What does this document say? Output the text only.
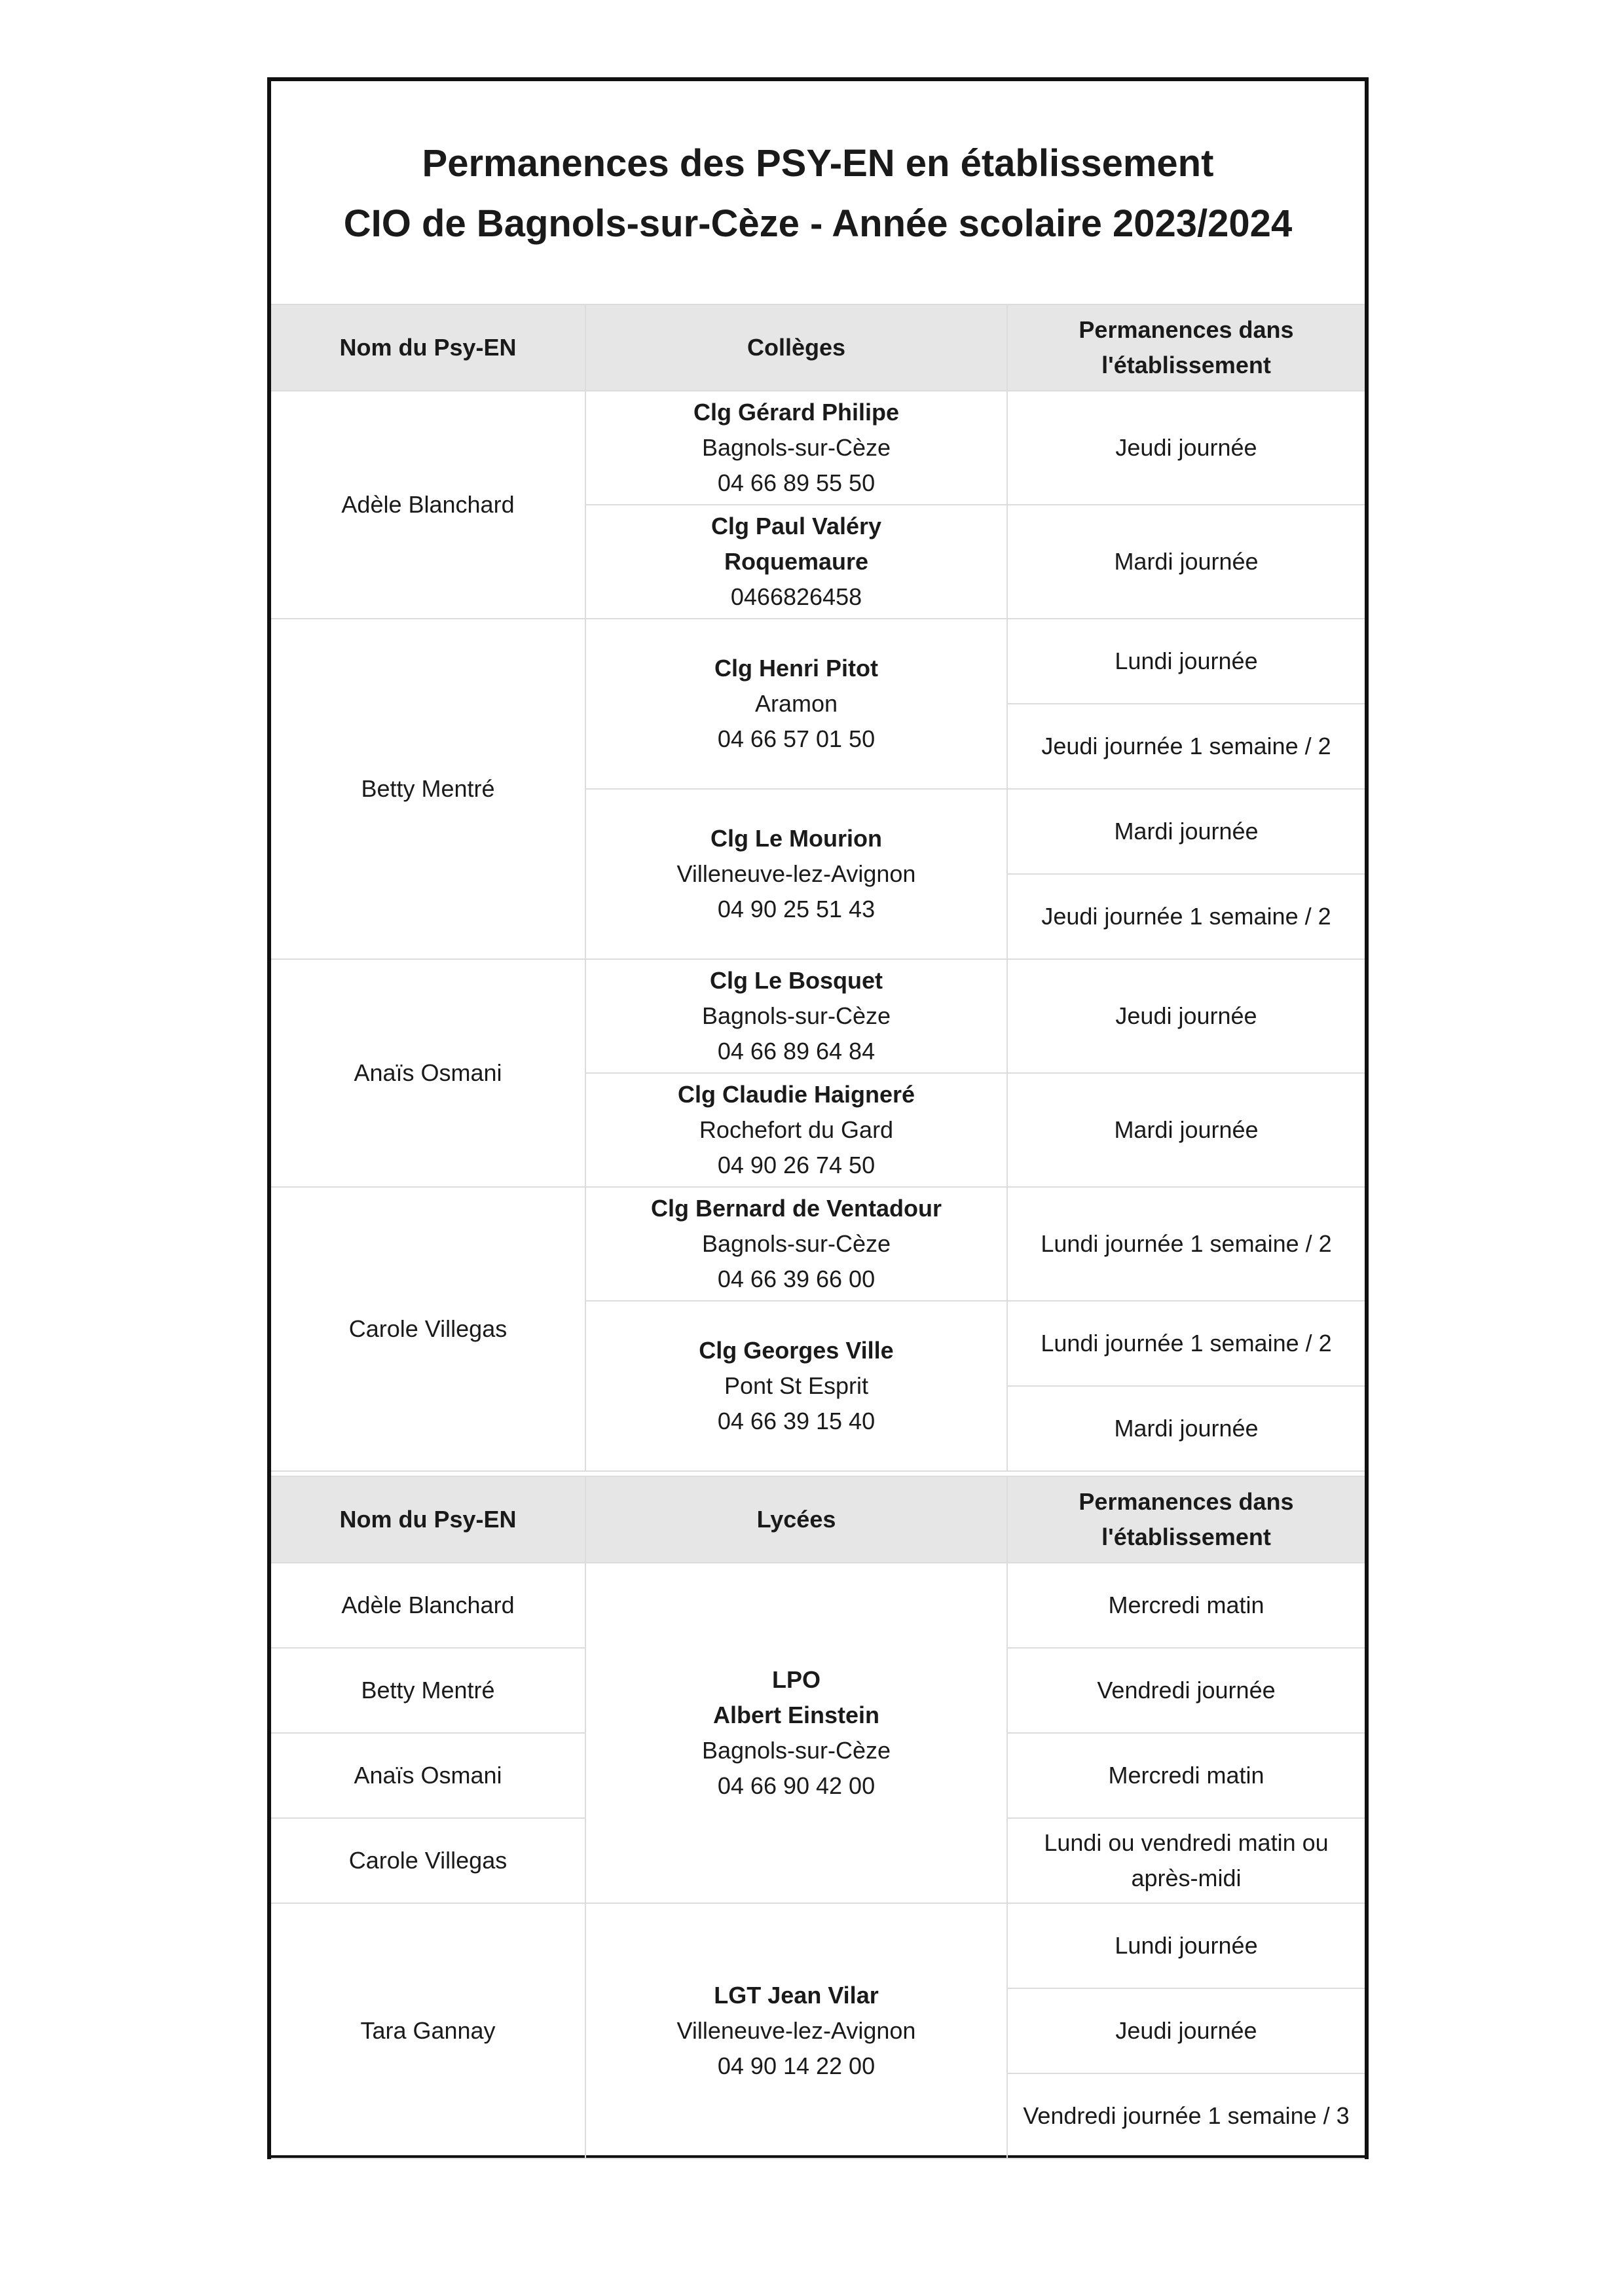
Permanences des PSY-EN en établissement
CIO de Bagnols-sur-Cèze - Année scolaire 2023/2024
Nom du Psy-EN	Collèges	Permanences dans l'établissement
Adèle Blanchard	Clg Gérard Philipe
Bagnols-sur-Cèze
04 66 89 55 50	Jeudi journée

	Clg Paul Valéry
Roquemaure
0466826458	Mardi journée
Betty Mentré	Clg Henri Pitot
Aramon
04 66 57 01 50	Lundi journée
		Jeudi journée 1 semaine / 2

	Clg Le Mourion
Villeneuve-lez-Avignon
04 90 25 51 43	Mardi journée
		Jeudi journée 1 semaine / 2
Anaïs Osmani	Clg Le Bosquet
Bagnols-sur-Cèze
04 66 89 64 84	Jeudi journée

	Clg Claudie Haigneré
Rochefort du Gard
04 90 26 74 50	Mardi journée
Carole Villegas	Clg Bernard de Ventadour
Bagnols-sur-Cèze
04 66 39 66 00	Lundi journée 1 semaine / 2

	Clg Georges Ville
Pont St Esprit
04 66 39 15 40	Lundi journée 1 semaine / 2
		Mardi journée
Nom du Psy-EN	Lycées	Permanences dans l'établissement
Adèle Blanchard	LPO
Albert Einstein
Bagnols-sur-Cèze
04 66 90 42 00	Mercredi matin
Betty Mentré		Vendredi journée
Anaïs Osmani		Mercredi matin
Carole Villegas		Lundi ou vendredi matin ou après-midi
Tara Gannay	LGT Jean Vilar
Villeneuve-lez-Avignon
04 90 14 22 00	Lundi journée
		Jeudi journée
		Vendredi journée 1 semaine / 3
